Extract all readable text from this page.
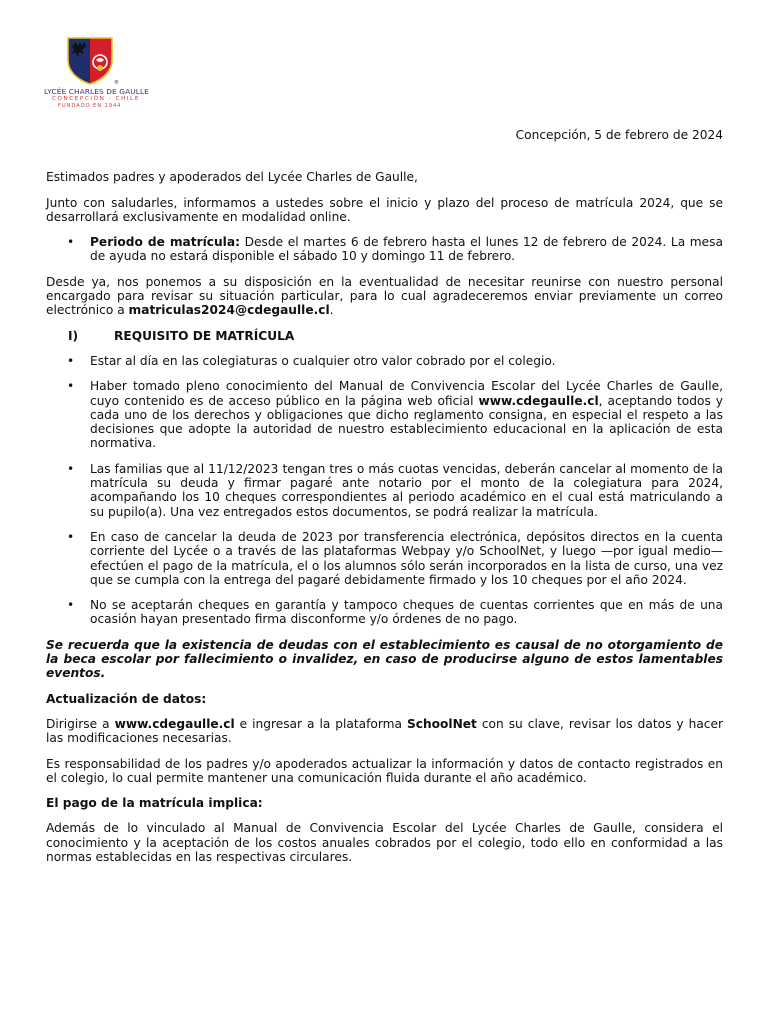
®
LYCÉE CHARLES DE GAULLE
CONCEPCIÓN · CHILE
FUNDADO EN 1944

Concepción, 5 de febrero de 2024

Estimados padres y apoderados del Lycée Charles de Gaulle,

Junto con saludarles, informamos a ustedes sobre el inicio y plazo del proceso de matrícula 2024, que se desarrollará exclusivamente en modalidad online.

• Periodo de matrícula: Desde el martes 6 de febrero hasta el lunes 12 de febrero de 2024. La mesa de ayuda no estará disponible el sábado 10 y domingo 11 de febrero.

Desde ya, nos ponemos a su disposición en la eventualidad de necesitar reunirse con nuestro personal encargado para revisar su situación particular, para lo cual agradeceremos enviar previamente un correo electrónico a matriculas2024@cdegaulle.cl.

I)	REQUISITO DE MATRÍCULA
• Estar al día en las colegiaturas o cualquier otro valor cobrado por el colegio.
• Haber tomado pleno conocimiento del Manual de Convivencia Escolar del Lycée Charles de Gaulle, cuyo contenido es de acceso público en la página web oficial www.cdegaulle.cl, aceptando todos y cada uno de los derechos y obligaciones que dicho reglamento consigna, en especial el respeto a las decisiones que adopte la autoridad de nuestro establecimiento educacional en la aplicación de esta normativa.
• Las familias que al 11/12/2023 tengan tres o más cuotas vencidas, deberán cancelar al momento de la matrícula su deuda y firmar pagaré ante notario por el monto de la colegiatura para 2024, acompañando los 10 cheques correspondientes al periodo académico en el cual está matriculando a su pupilo(a). Una vez entregados estos documentos, se podrá realizar la matrícula.
• En caso de cancelar la deuda de 2023 por transferencia electrónica, depósitos directos en la cuenta corriente del Lycée o a través de las plataformas Webpay y/o SchoolNet, y luego —por igual medio— efectúen el pago de la matrícula, el o los alumnos sólo serán incorporados en la lista de curso, una vez que se cumpla con la entrega del pagaré debidamente firmado y los 10 cheques por el año 2024.
• No se aceptarán cheques en garantía y tampoco cheques de cuentas corrientes que en más de una ocasión hayan presentado firma disconforme y/o órdenes de no pago.

Se recuerda que la existencia de deudas con el establecimiento es causal de no otorgamiento de la beca escolar por fallecimiento o invalidez, en caso de producirse alguno de estos lamentables eventos.

Actualización de datos:

Dirigirse a www.cdegaulle.cl e ingresar a la plataforma SchoolNet con su clave, revisar los datos y hacer las modificaciones necesarias.

Es responsabilidad de los padres y/o apoderados actualizar la información y datos de contacto registrados en el colegio, lo cual permite mantener una comunicación fluida durante el año académico.

El pago de la matrícula implica:

Además de lo vinculado al Manual de Convivencia Escolar del Lycée Charles de Gaulle, considera el conocimiento y la aceptación de los costos anuales cobrados por el colegio, todo ello en conformidad a las normas establecidas en las respectivas circulares.
